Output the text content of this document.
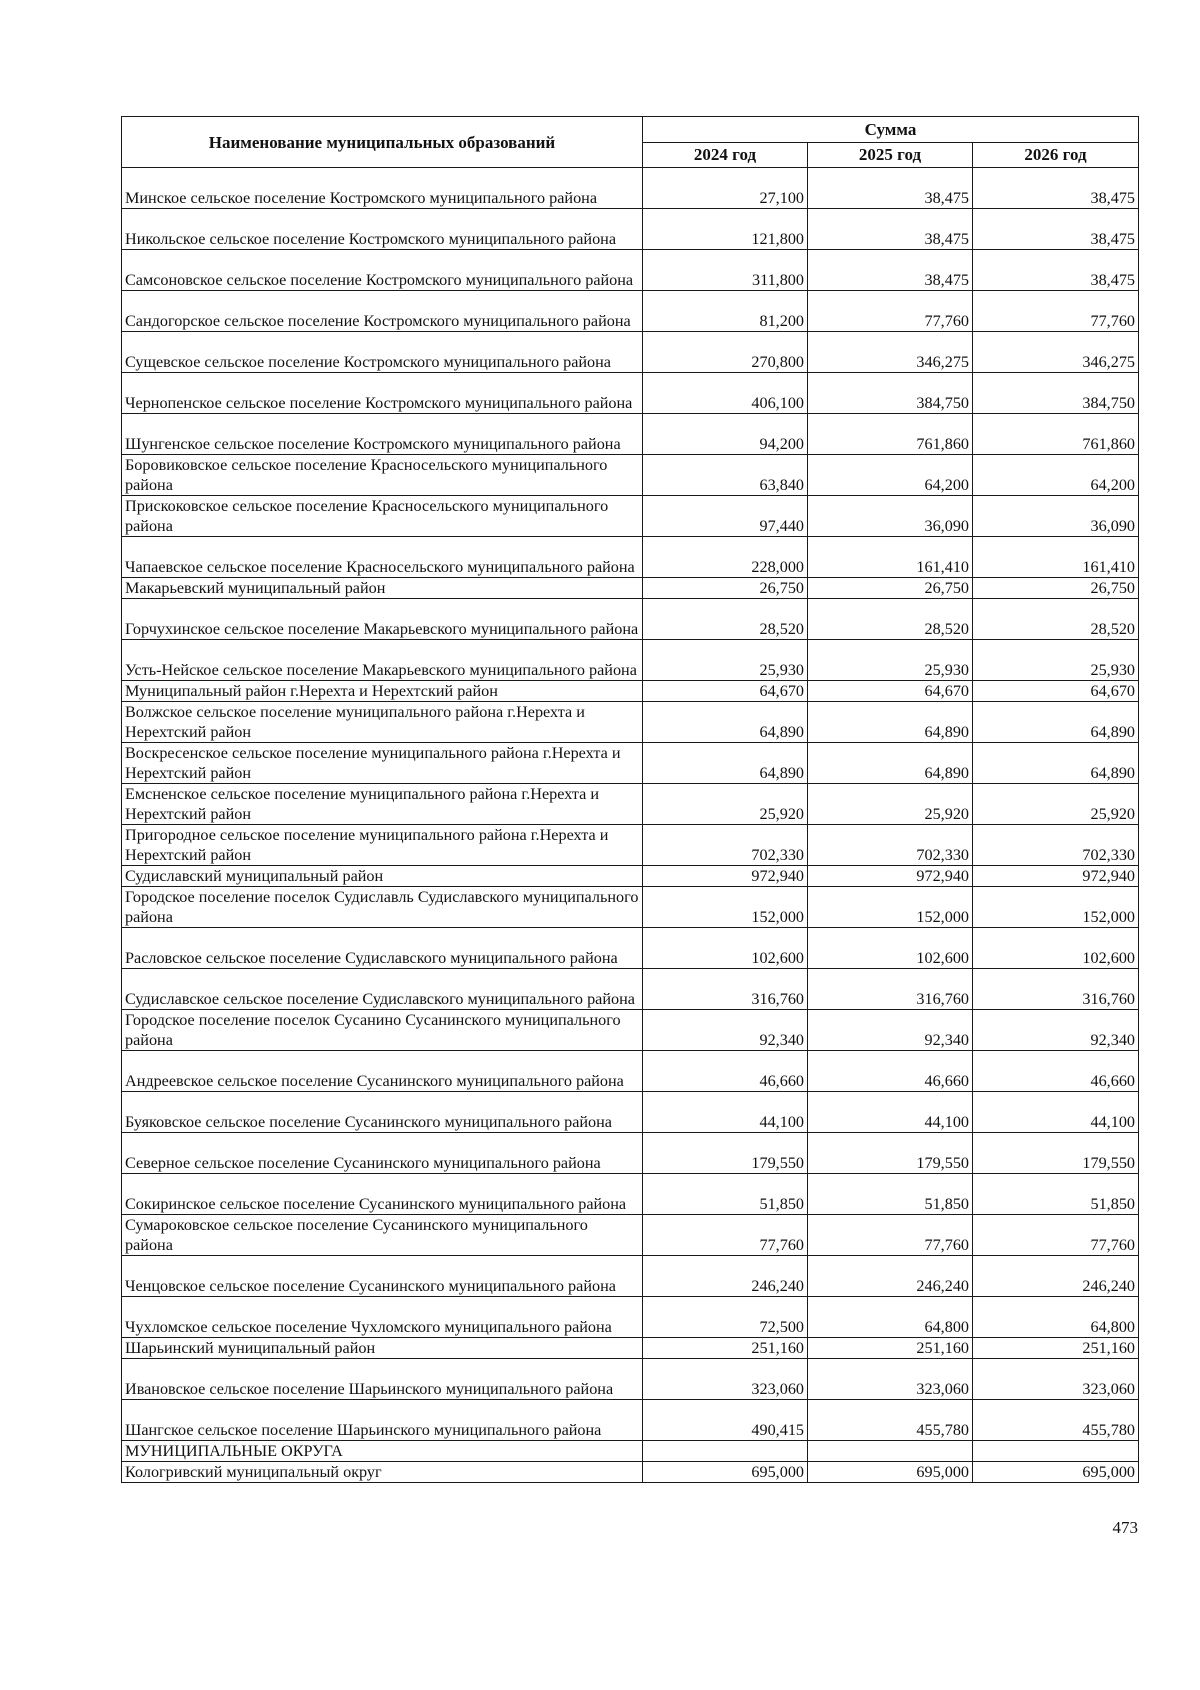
Наименование муниципальных образований	Сумма		
	2024 год	2025 год	2026 год
Минское сельское поселение Костромского муниципального района	27,100	38,475	38,475
Никольское сельское поселение Костромского муниципального района	121,800	38,475	38,475
Самсоновское сельское поселение Костромского муниципального района	311,800	38,475	38,475
Сандогорское сельское поселение Костромского муниципального района	81,200	77,760	77,760
Сущевское сельское поселение Костромского муниципального района	270,800	346,275	346,275
Чернопенское сельское поселение Костромского муниципального района	406,100	384,750	384,750
Шунгенское сельское поселение Костромского муниципального района	94,200	761,860	761,860
Боровиковское сельское поселение Красносельского муниципального района	63,840	64,200	64,200
Прискоковское сельское поселение Красносельского муниципального района	97,440	36,090	36,090
Чапаевское сельское поселение Красносельского муниципального района	228,000	161,410	161,410
Макарьевский муниципальный район	26,750	26,750	26,750
Горчухинское сельское поселение Макарьевского муниципального района	28,520	28,520	28,520
Усть-Нейское сельское поселение Макарьевского муниципального района	25,930	25,930	25,930
Муниципальный район г.Нерехта и Нерехтский район	64,670	64,670	64,670
Волжское сельское поселение муниципального района г.Нерехта и Нерехтский район	64,890	64,890	64,890
Воскресенское сельское поселение муниципального района г.Нерехта и Нерехтский район	64,890	64,890	64,890
Емсненское сельское поселение муниципального района г.Нерехта и Нерехтский район	25,920	25,920	25,920
Пригородное сельское поселение муниципального района г.Нерехта и Нерехтский район	702,330	702,330	702,330
Судиславский муниципальный район	972,940	972,940	972,940
Городское поселение поселок Судиславль Судиславского муниципального района	152,000	152,000	152,000
Расловское сельское поселение Судиславского муниципального района	102,600	102,600	102,600
Судиславское сельское поселение Судиславского муниципального района	316,760	316,760	316,760
Городское поселение поселок Сусанино Сусанинского муниципального района	92,340	92,340	92,340
Андреевское сельское поселение Сусанинского муниципального района	46,660	46,660	46,660
Буяковское сельское поселение Сусанинского муниципального района	44,100	44,100	44,100
Северное сельское поселение Сусанинского муниципального района	179,550	179,550	179,550
Сокиринское сельское поселение Сусанинского муниципального района	51,850	51,850	51,850
Сумароковское сельское поселение Сусанинского муниципального района	77,760	77,760	77,760
Ченцовское сельское поселение Сусанинского муниципального района	246,240	246,240	246,240
Чухломское сельское поселение Чухломского муниципального района	72,500	64,800	64,800
Шарьинский муниципальный район	251,160	251,160	251,160
Ивановское сельское поселение Шарьинского муниципального района	323,060	323,060	323,060
Шангское сельское поселение Шарьинского муниципального района	490,415	455,780	455,780
МУНИЦИПАЛЬНЫЕ ОКРУГА			
Кологривский муниципальный округ	695,000	695,000	695,000
473
